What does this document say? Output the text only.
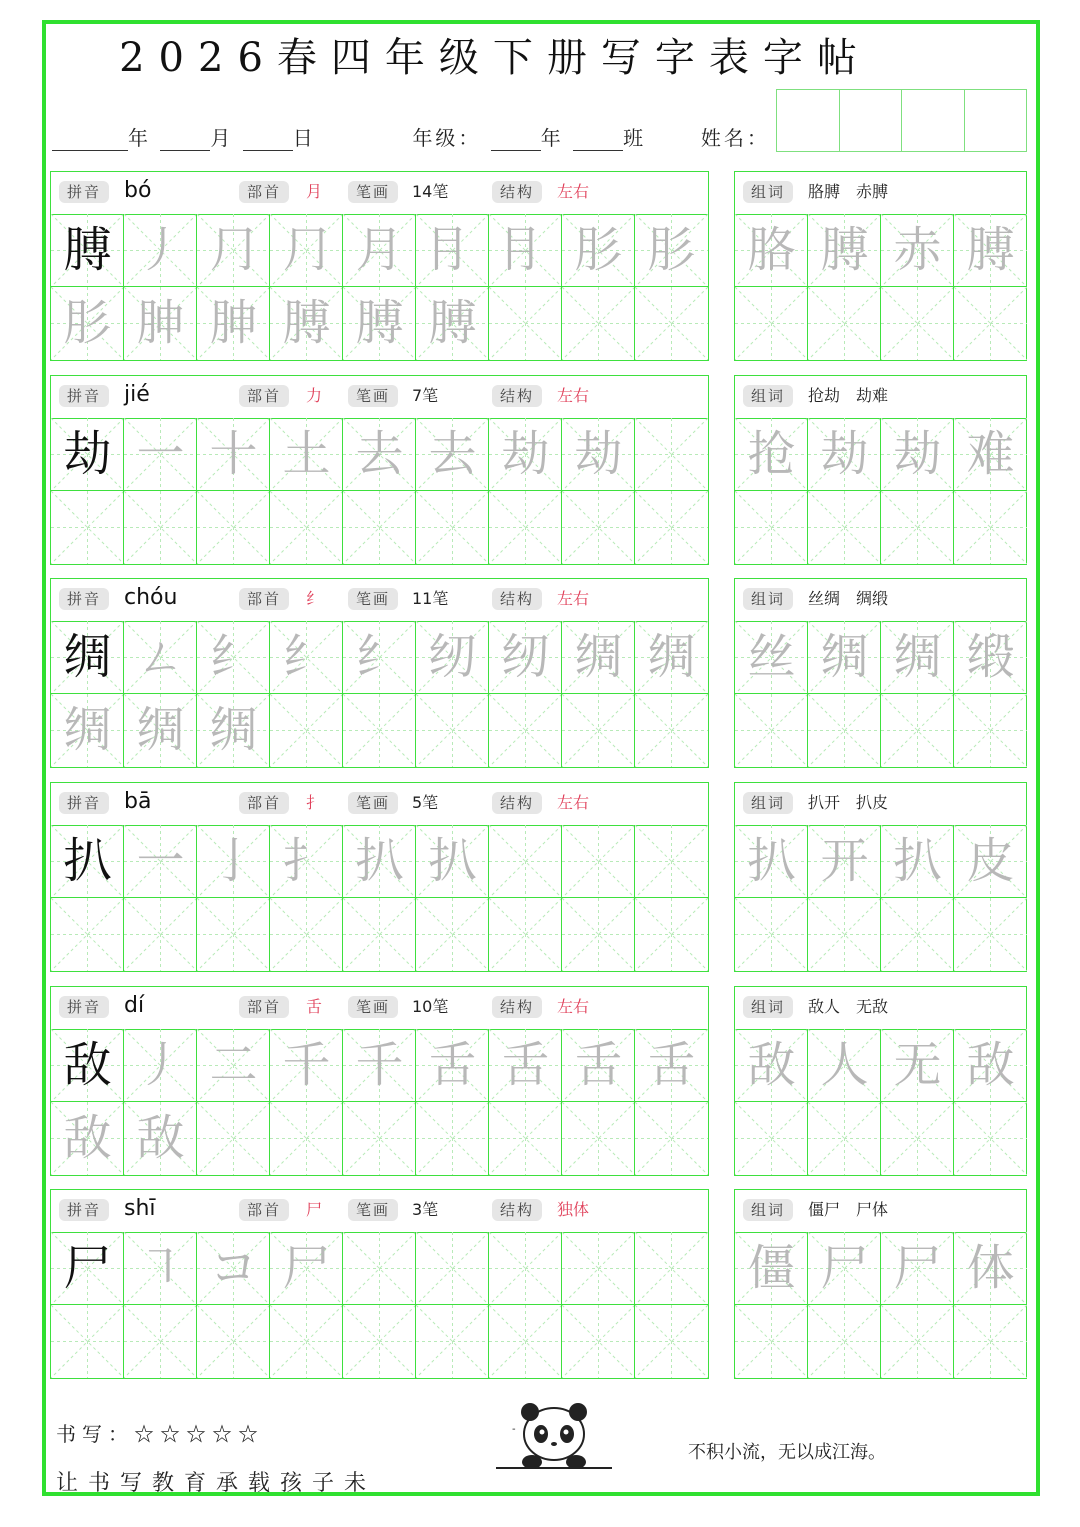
2026春四年级下册写字表字帖
年	月	日	年级：	年	班	姓名：
拼音	bó	部首	月	笔画	14笔	结构	左右
膊 丿 ⺆ ⺆ 月 ⺝ ⺝ 肜 肜
肜 胂 胂 膊 膊 膊
组词	胳膊　赤膊
胳 膊 赤 膊
拼音	jié	部首	力	笔画	7笔	结构	左右
劫 一 十 土 去 去 劫 劫
组词	抢劫　劫难
抢 劫 劫 难
拼音	chóu	部首	纟	笔画	11笔	结构	左右
绸 ㄥ 纟 纟 纟 纫 纫 绸 绸
绸 绸 绸
组词	丝绸　绸缎
丝 绸 绸 缎
拼音	bā	部首	扌	笔画	5笔	结构	左右
扒 一 亅 扌 扒 扒
组词	扒开　扒皮
扒 开 扒 皮
拼音	dí	部首	舌	笔画	10笔	结构	左右
敌 丿 二 千 千 舌 舌 舌 舌
敌 敌
组词	敌人　无敌
敌 人 无 敌
拼音	shī	部首	尸	笔画	3笔	结构	独体
尸 ㇕ コ 尸
组词	僵尸　尸体
僵 尸 尸 体
书写：☆☆☆☆☆
让书写教育承载孩子未
不积小流，无以成江海。
-
